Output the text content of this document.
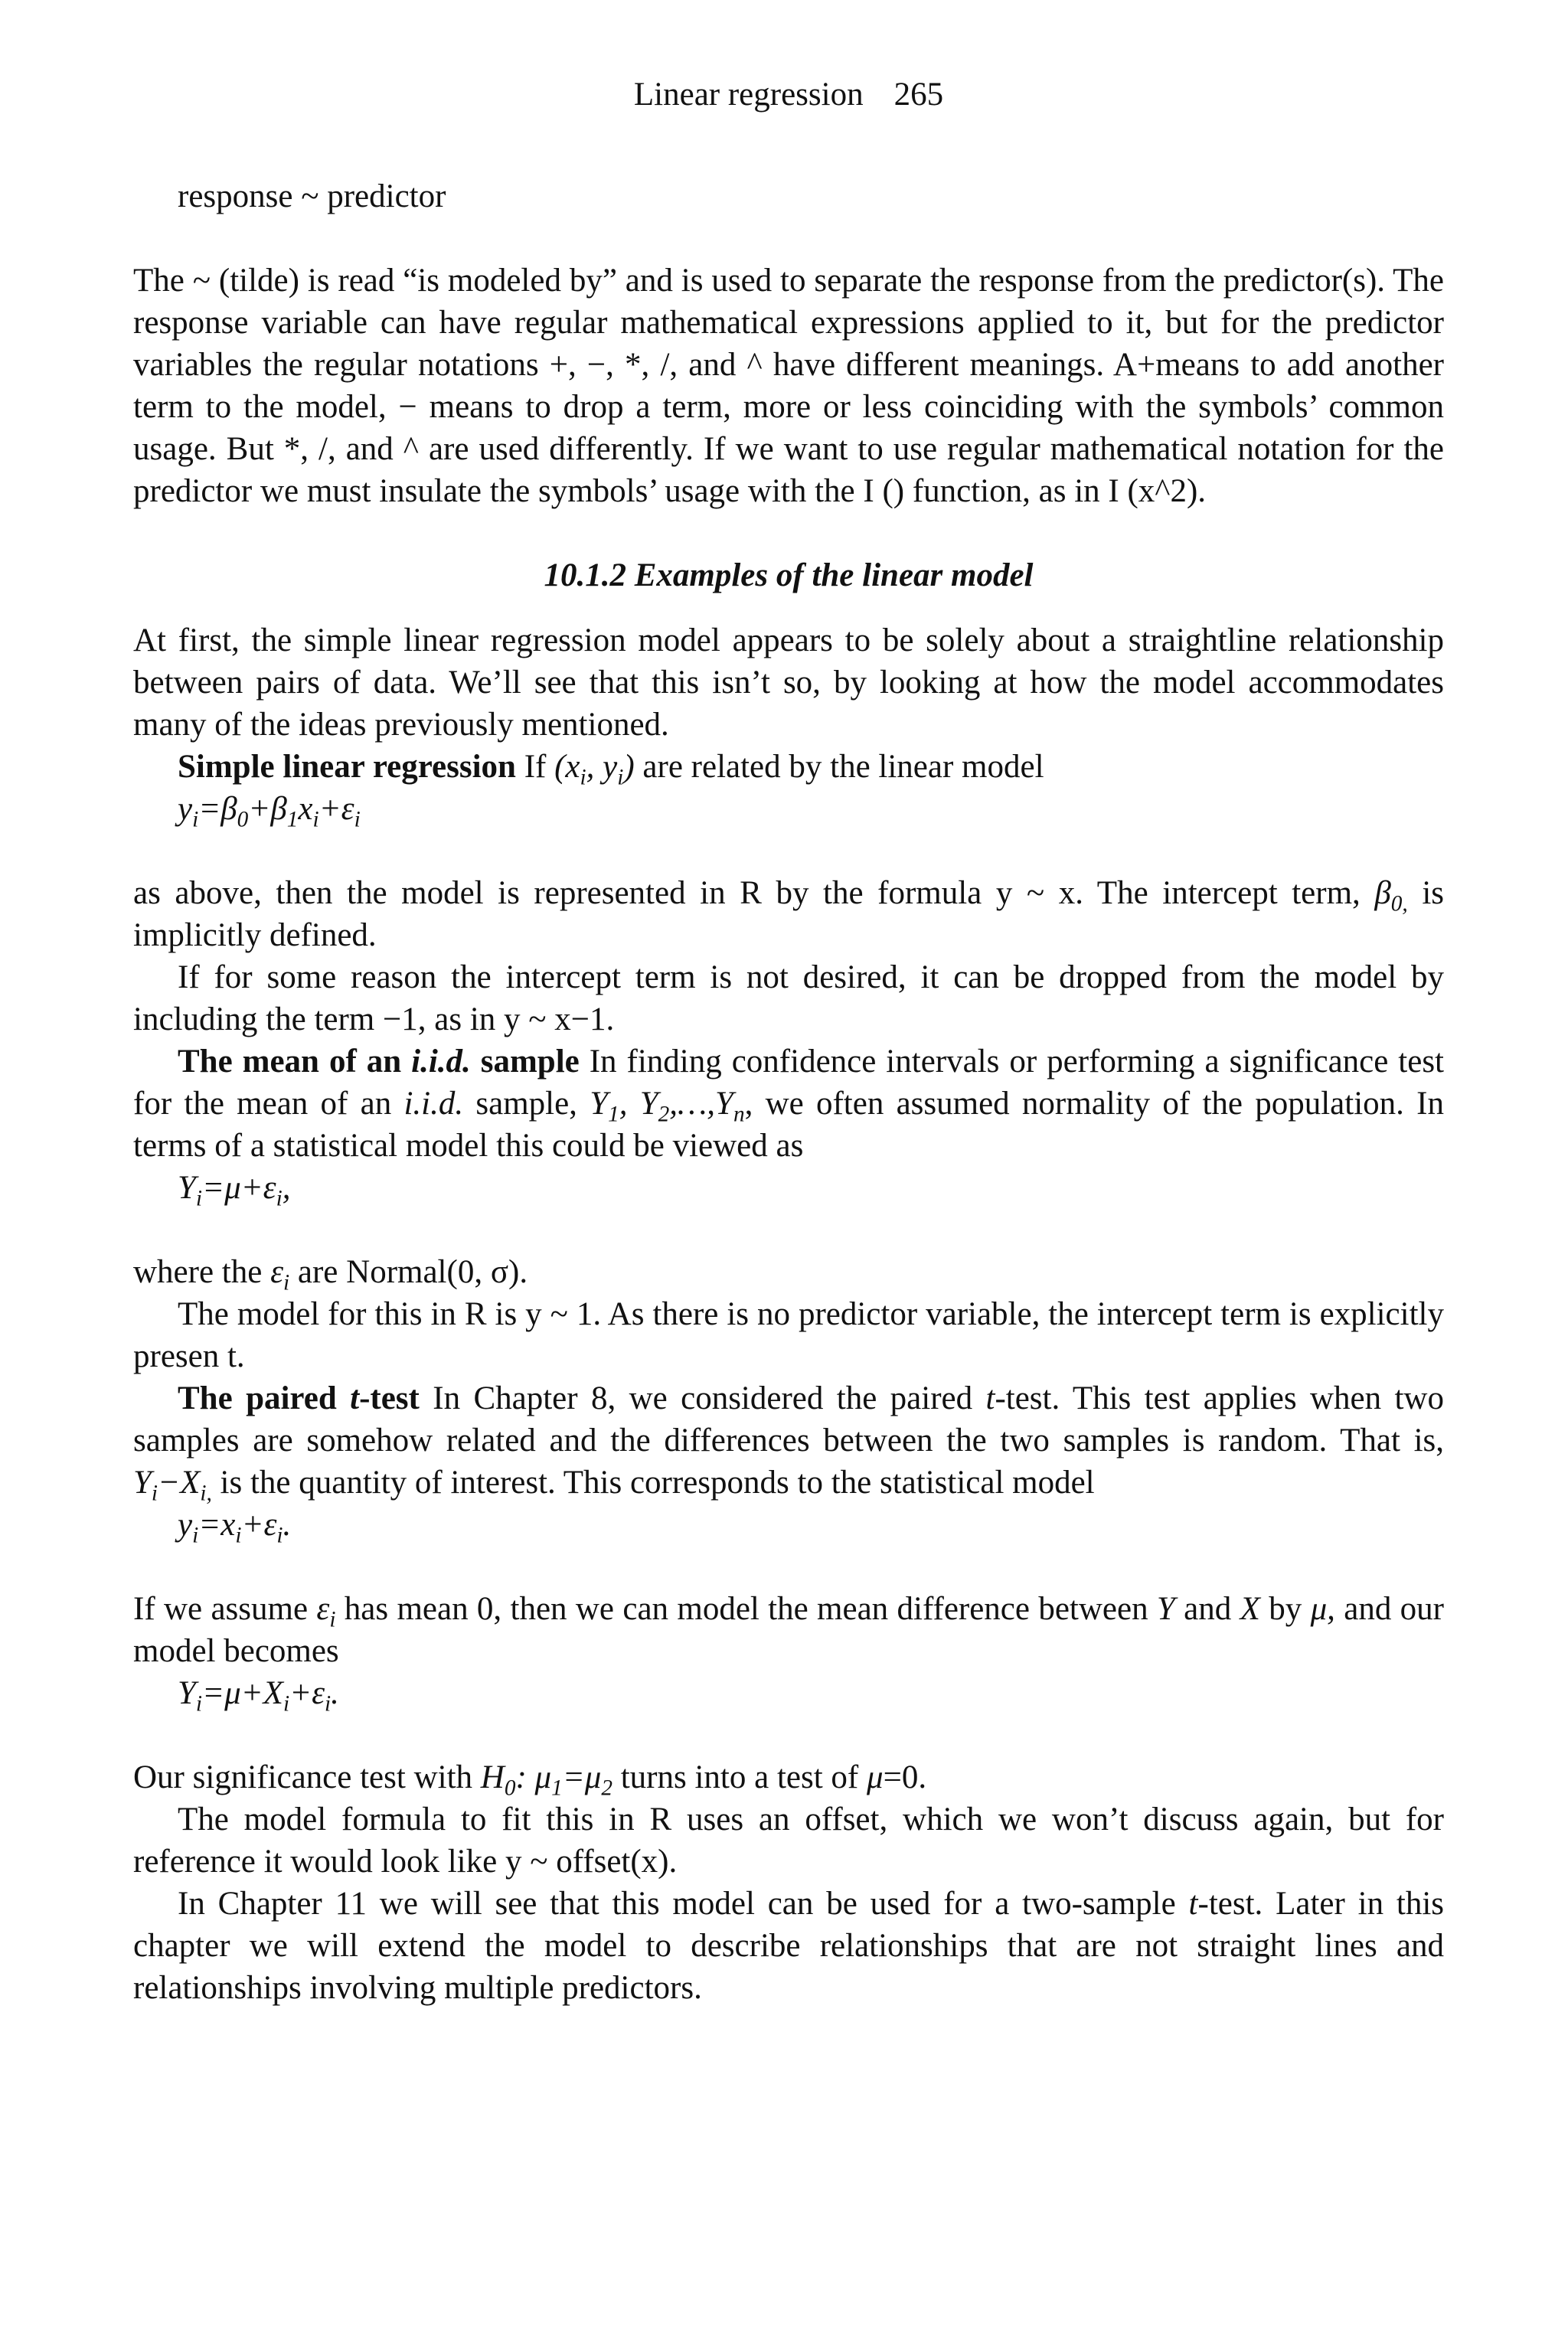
Linear regression 265

response ~ predictor

The ~ (tilde) is read “is modeled by” and is used to separate the response from the predictor(s). The response variable can have regular mathematical expressions applied to it, but for the predictor variables the regular notations +, −, *, /, and ^ have different meanings. A+means to add another term to the model, − means to drop a term, more or less coinciding with the symbols’ common usage. But *, /, and ^ are used differently. If we want to use regular mathematical notation for the predictor we must insulate the symbols’ usage with the I () function, as in I (x^2).

10.1.2 Examples of the linear model

At first, the simple linear regression model appears to be solely about a straightline relationship between pairs of data. We’ll see that this isn’t so, by looking at how the model accommodates many of the ideas previously mentioned.

Simple linear regression If ($x_i$, $y_i$) are related by the linear model

$y_i=\beta_0+\beta_1x_i+\varepsilon_i$

as above, then the model is represented in R by the formula y ~ x. The intercept term, $\beta_{0,}$ is implicitly defined.

If for some reason the intercept term is not desired, it can be dropped from the model by including the term −1, as in y ~ x−1.

The mean of an i.i.d. sample In finding confidence intervals or performing a significance test for the mean of an i.i.d. sample, $Y_1$, $Y_2,\dots,Y_n$, we often assumed normality of the population. In terms of a statistical model this could be viewed as

$Y_i=\mu+\varepsilon_i$,

where the $\varepsilon_i$ are Normal(0, σ).

The model for this in R is y ~ 1. As there is no predictor variable, the intercept term is explicitly presen t.

The paired t-test In Chapter 8, we considered the paired t-test. This test applies when two samples are somehow related and the differences between the two samples is random. That is, $Y_i-X_{i,}$ is the quantity of interest. This corresponds to the statistical model

$y_i=x_i+\varepsilon_i$.

If we assume $\varepsilon_i$ has mean 0, then we can model the mean difference between Y and X by μ, and our model becomes

$Y_i=\mu+X_i+\varepsilon_i$.

Our significance test with $H_0$: $\mu_1=\mu_2$ turns into a test of μ=0.

The model formula to fit this in R uses an offset, which we won’t discuss again, but for reference it would look like y ~ offset(x).

In Chapter 11 we will see that this model can be used for a two-sample t-test. Later in this chapter we will extend the model to describe relationships that are not straight lines and relationships involving multiple predictors.
